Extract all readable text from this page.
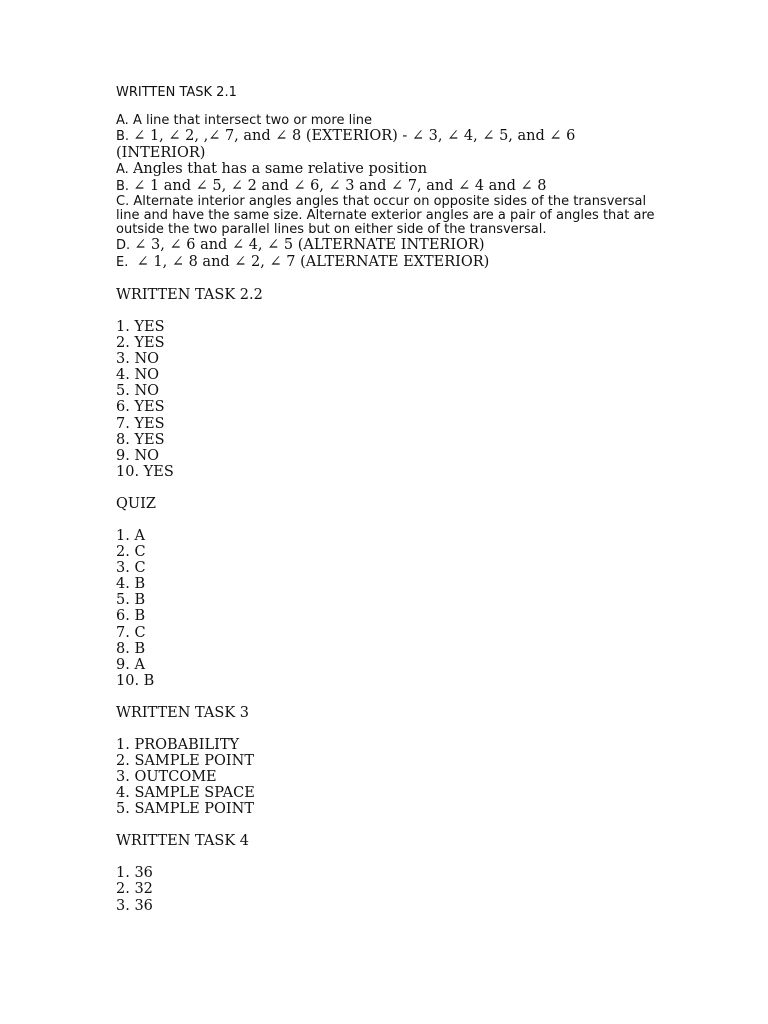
WRITTEN TASK 2.1
A. A line that intersect two or more line
B. ∠ 1, ∠ 2, ,∠ 7, and ∠ 8 (EXTERIOR) - ∠ 3, ∠ 4, ∠ 5, and ∠ 6
(INTERIOR)
A. Angles that has a same relative position
B. ∠ 1 and ∠ 5, ∠ 2 and ∠ 6, ∠ 3 and ∠ 7, and ∠ 4 and ∠ 8
C. Alternate interior angles angles that occur on opposite sides of the transversal line and have the same size. Alternate exterior angles are a pair of angles that are outside the two parallel lines but on either side of the transversal.
D. ∠ 3, ∠ 6 and ∠ 4, ∠ 5 (ALTERNATE INTERIOR)
E.  ∠ 1, ∠ 8 and ∠ 2, ∠ 7 (ALTERNATE EXTERIOR)
WRITTEN TASK 2.2
1. YES
2. YES
3. NO
4. NO
5. NO
6. YES
7. YES
8. YES
9. NO
10. YES
QUIZ
1. A
2. C
3. C
4. B
5. B
6. B
7. C
8. B
9. A
10. B
WRITTEN TASK 3
1. PROBABILITY
2. SAMPLE POINT
3. OUTCOME
4. SAMPLE SPACE
5. SAMPLE POINT
WRITTEN TASK 4
1. 36
2. 32
3. 36
